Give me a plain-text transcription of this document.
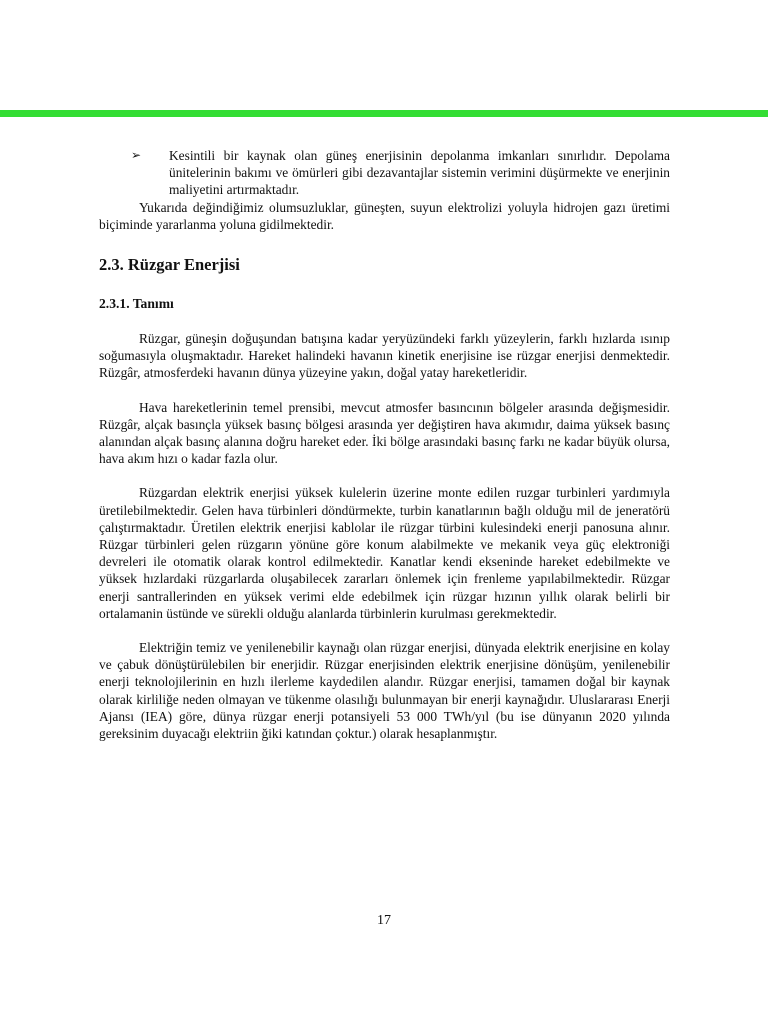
➢ Kesintili bir kaynak olan güneş enerjisinin depolanma imkanları sınırlıdır. Depolama ünitelerinin bakımı ve ömürleri gibi dezavantajlar sistemin verimini düşürmekte ve enerjinin maliyetini artırmaktadır.

Yukarıda değindiğimiz olumsuzluklar, güneşten, suyun elektrolizi yoluyla hidrojen gazı üretimi biçiminde yararlanma yoluna gidilmektedir.

2.3. Rüzgar Enerjisi
2.3.1. Tanımı

Rüzgar, güneşin doğuşundan batışına kadar yeryüzündeki farklı yüzeylerin, farklı hızlarda ısınıp soğumasıyla oluşmaktadır. Hareket halindeki havanın kinetik enerjisine ise rüzgar enerjisi denmektedir. Rüzgâr, atmosferdeki havanın dünya yüzeyine yakın, doğal yatay hareketleridir.

Hava hareketlerinin temel prensibi, mevcut atmosfer basıncının bölgeler arasında değişmesidir. Rüzgâr, alçak basınçla yüksek basınç bölgesi arasında yer değiştiren hava akımıdır, daima yüksek basınç alanından alçak basınç alanına doğru hareket eder. İki bölge arasındaki basınç farkı ne kadar büyük olursa, hava akım hızı o kadar fazla olur.

Rüzgardan elektrik enerjisi yüksek kulelerin üzerine monte edilen ruzgar turbinleri yardımıyla üretilebilmektedir. Gelen hava türbinleri döndürmekte, turbin kanatlarının bağlı olduğu mil de jeneratörü çalıştırmaktadır. Üretilen elektrik enerjisi kablolar ile rüzgar türbini kulesindeki enerji panosuna alınır. Rüzgar türbinleri gelen rüzgarın yönüne göre konum alabilmekte ve mekanik veya güç elektroniği devreleri ile otomatik olarak kontrol edilmektedir. Kanatlar kendi ekseninde hareket edebilmekte ve yüksek hızlardaki rüzgarlarda oluşabilecek zararları önlemek için frenleme yapılabilmektedir. Rüzgar enerji santrallerinden en yüksek verimi elde edebilmek için rüzgar hızının yıllık olarak belirli bir ortalamanin üstünde ve sürekli olduğu alanlarda türbinlerin kurulması gerekmektedir.

Elektriğin temiz ve yenilenebilir kaynağı olan rüzgar enerjisi, dünyada elektrik enerjisine en kolay ve çabuk dönüştürülebilen bir enerjidir. Rüzgar enerjisinden elektrik enerjisine dönüşüm, yenilenebilir enerji teknolojilerinin en hızlı ilerleme kaydedilen alandır. Rüzgar enerjisi, tamamen doğal bir kaynak olarak kirliliğe neden olmayan ve tükenme olasılığı bulunmayan bir enerji kaynağıdır. Uluslararası Enerji Ajansı (IEA) göre, dünya rüzgar enerji potansiyeli 53 000 TWh/yıl (bu ise dünyanın 2020 yılında gereksinim duyacağı elektriin ğiki katından çoktur.) olarak hesaplanmıştır.

17
